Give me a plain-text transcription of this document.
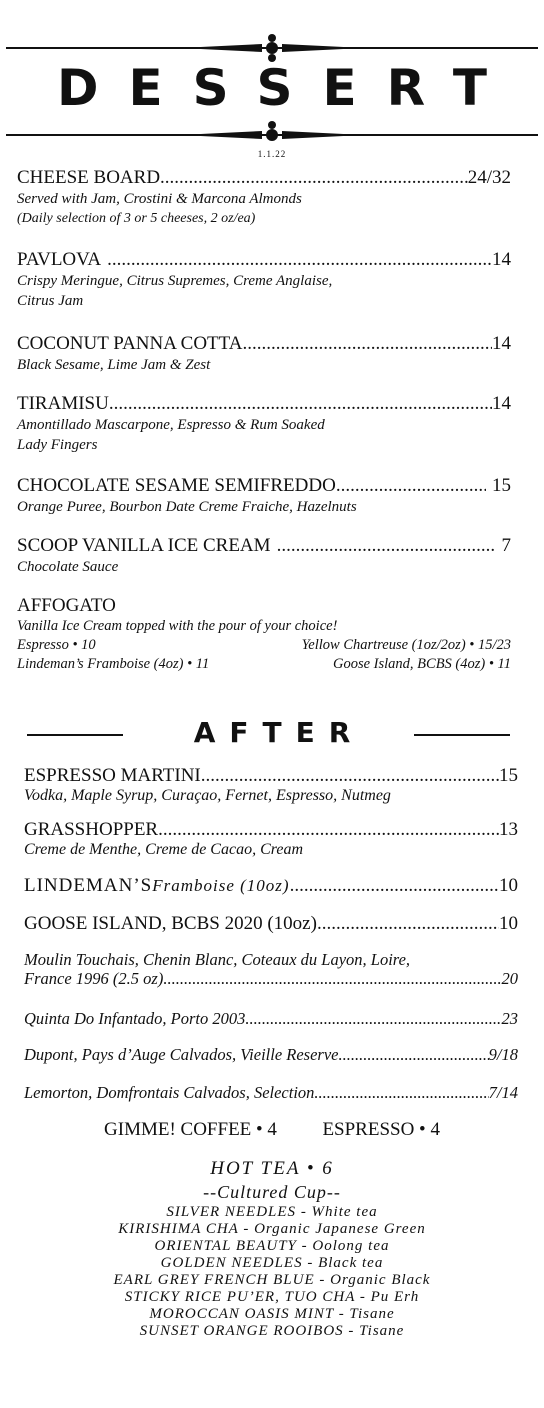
DESSERT
1.1.22
CHEESE BOARD .....	24/32
Served with Jam, Crostini & Marcona Almonds
(Daily selection of 3 or 5 cheeses, 2 oz/ea)
PAVLOVA .....	14
Crispy Meringue, Citrus Supremes, Creme Anglaise,
Citrus Jam
COCONUT PANNA COTTA .....	14
Black Sesame, Lime Jam & Zest
TIRAMISU .....	14
Amontillado Mascarpone, Espresso & Rum Soaked
Lady Fingers
CHOCOLATE SESAME SEMIFREDDO .....	15
Orange Puree, Bourbon Date Creme Fraiche, Hazelnuts
SCOOP VANILLA ICE CREAM .....	7
Chocolate Sauce
AFFOGATO
Vanilla Ice Cream topped with the pour of your choice!
Espresso • 10	Yellow Chartreuse (1oz/2oz) • 15/23
Lindeman’s Framboise (4oz) • 11	Goose Island, BCBS (4oz) • 11
AFTER
ESPRESSO MARTINI .....	15
Vodka, Maple Syrup, Curaçao, Fernet, Espresso, Nutmeg
GRASSHOPPER .....	13
Creme de Menthe, Creme de Cacao, Cream
LINDEMAN’S Framboise (10oz) .....	10
GOOSE ISLAND, BCBS 2020 (10oz) .....	10
Moulin Touchais, Chenin Blanc, Coteaux du Layon, Loire,
France 1996 (2.5 oz) .....	20
Quinta Do Infantado, Porto 2003 .....	23
Dupont, Pays d’Auge Calvados, Vieille Reserve .....	9/18
Lemorton, Domfrontais Calvados, Selection .....	7/14
GIMME! COFFEE • 4 ESPRESSO • 4
HOT TEA • 6
--Cultured Cup--
SILVER NEEDLES - White tea
KIRISHIMA CHA - Organic Japanese Green
ORIENTAL BEAUTY - Oolong tea
GOLDEN NEEDLES - Black tea
EARL GREY FRENCH BLUE - Organic Black
STICKY RICE PU’ER, TUO CHA - Pu Erh
MOROCCAN OASIS MINT - Tisane
SUNSET ORANGE ROOIBOS - Tisane
